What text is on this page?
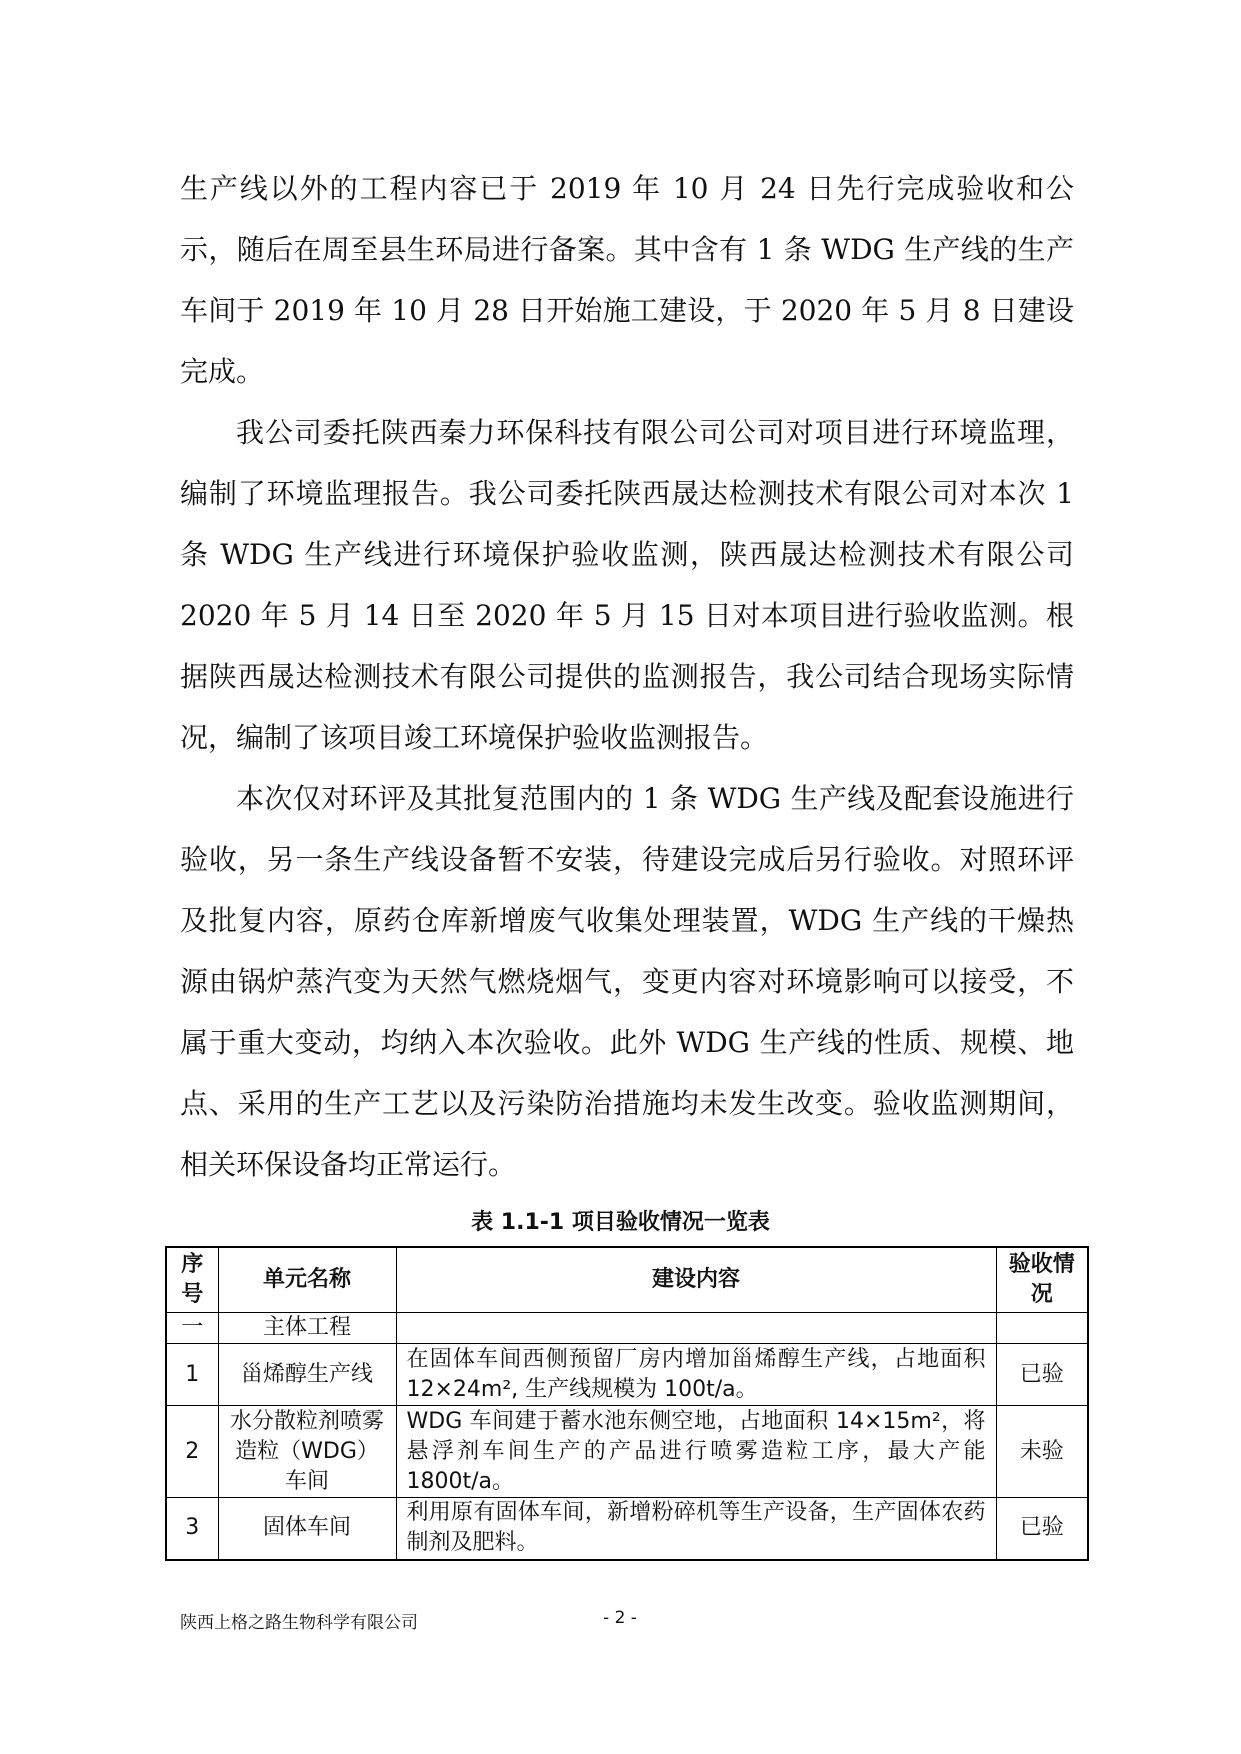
生产线以外的工程内容已于 2019 年 10 月 24 日先行完成验收和公示，随后在周至县生环局进行备案。其中含有 1 条 WDG 生产线的生产车间于 2019 年 10 月 28 日开始施工建设，于 2020 年 5 月 8 日建设完成。

我公司委托陕西秦力环保科技有限公司公司对项目进行环境监理，编制了环境监理报告。我公司委托陕西晟达检测技术有限公司对本次 1 条 WDG 生产线进行环境保护验收监测，陕西晟达检测技术有限公司 2020 年 5 月 14 日至 2020 年 5 月 15 日对本项目进行验收监测。根据陕西晟达检测技术有限公司提供的监测报告，我公司结合现场实际情况，编制了该项目竣工环境保护验收监测报告。

本次仅对环评及其批复范围内的 1 条 WDG 生产线及配套设施进行验收，另一条生产线设备暂不安装，待建设完成后另行验收。对照环评及批复内容，原药仓库新增废气收集处理装置，WDG 生产线的干燥热源由锅炉蒸汽变为天然气燃烧烟气，变更内容对环境影响可以接受，不属于重大变动，均纳入本次验收。此外 WDG 生产线的性质、规模、地点、采用的生产工艺以及污染防治措施均未发生改变。验收监测期间，相关环保设备均正常运行。

表 1.1-1 项目验收情况一览表
序号	单元名称	建设内容	验收情况
一	主体工程		
1	甾烯醇生产线	在固体车间西侧预留厂房内增加甾烯醇生产线，占地面积 12×24m², 生产线规模为 100t/a。	已验
2	水分散粒剂喷雾造粒（WDG）车间	WDG 车间建于蓄水池东侧空地，占地面积 14×15m²，将悬浮剂车间生产的产品进行喷雾造粒工序，最大产能 1800t/a。	未验
3	固体车间	利用原有固体车间，新增粉碎机等生产设备，生产固体农药制剂及肥料。	已验
陕西上格之路生物科学有限公司	- 2 -
